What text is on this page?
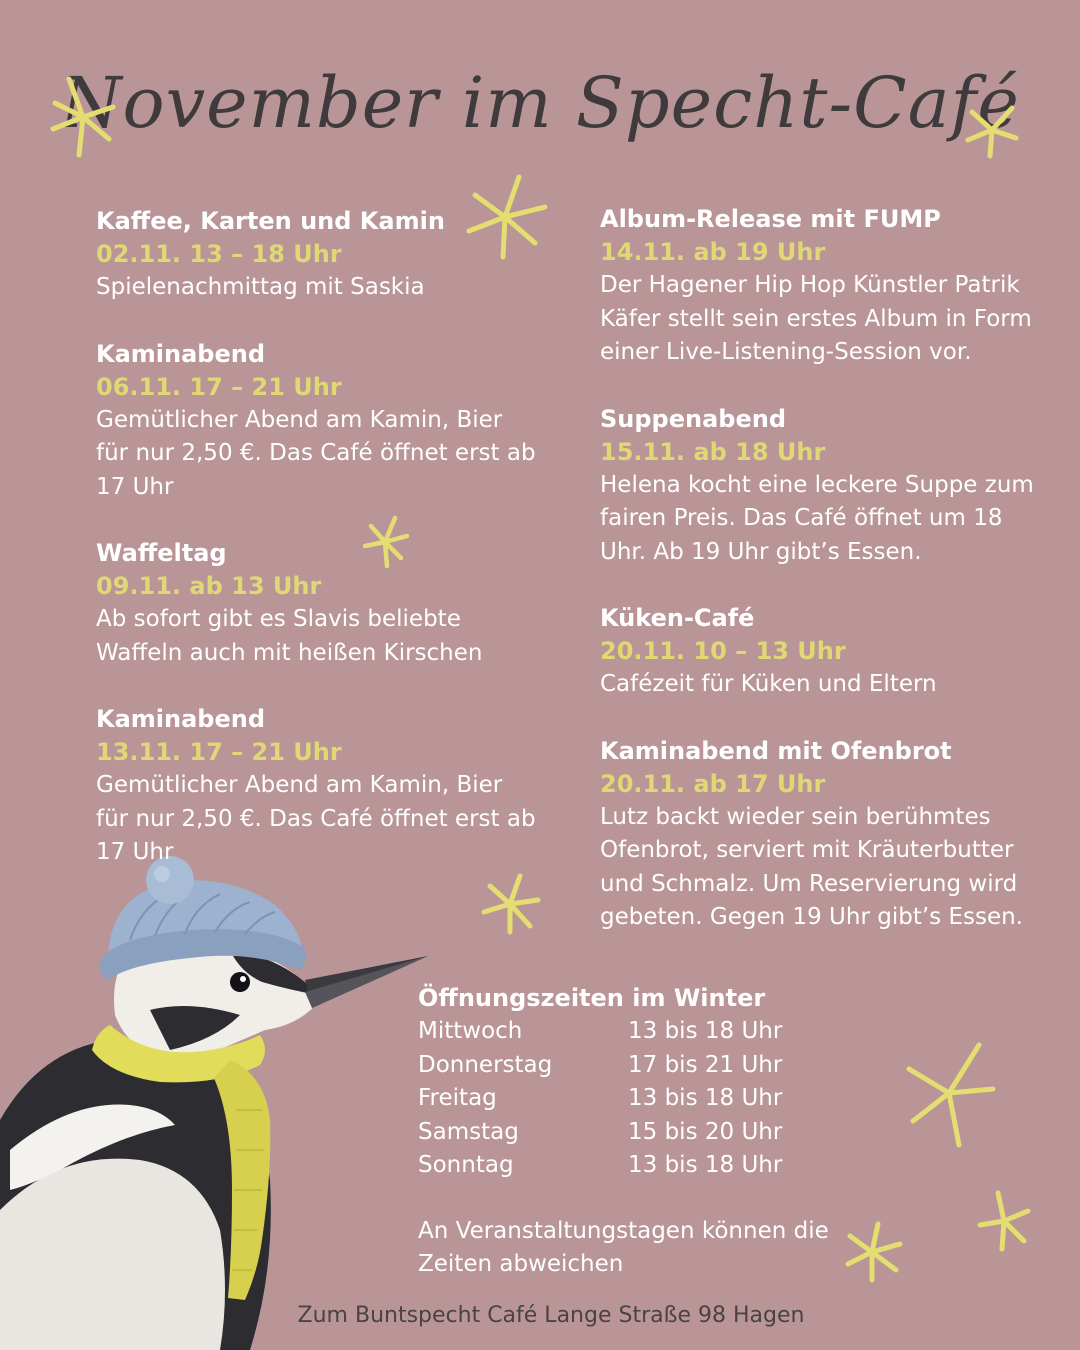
November im Specht-Café
Kaffee, Karten und Kamin
02.11. 13 – 18 Uhr
Spielenachmittag mit Saskia
Kaminabend
06.11. 17 – 21 Uhr
Gemütlicher Abend am Kamin, Bier für nur 2,50 €. Das Café öffnet erst ab 17 Uhr
Waffeltag
09.11. ab 13 Uhr
Ab sofort gibt es Slavis beliebte Waffeln auch mit heißen Kirschen
Kaminabend
13.11. 17 – 21 Uhr
Gemütlicher Abend am Kamin, Bier für nur 2,50 €. Das Café öffnet erst ab 17 Uhr
Album-Release mit FUMP
14.11. ab 19 Uhr
Der Hagener Hip Hop Künstler Patrik Käfer stellt sein erstes Album in Form einer Live-Listening-Session vor.
Suppenabend
15.11. ab 18 Uhr
Helena kocht eine leckere Suppe zum fairen Preis. Das Café öffnet um 18 Uhr. Ab 19 Uhr gibt’s Essen.
Küken-Café
20.11. 10 – 13 Uhr
Cafézeit für Küken und Eltern
Kaminabend mit Ofenbrot
20.11. ab 17 Uhr
Lutz backt wieder sein berühmtes Ofenbrot, serviert mit Kräuterbutter und Schmalz. Um Reservierung wird gebeten. Gegen 19 Uhr gibt’s Essen.
Öffnungszeiten im Winter
Mittwoch	13 bis 18 Uhr
Donnerstag	17 bis 21 Uhr
Freitag	13 bis 18 Uhr
Samstag	15 bis 20 Uhr
Sonntag	13 bis 18 Uhr
An Veranstaltungstagen können die Zeiten abweichen
Zum Buntspecht Café Lange Straße 98 Hagen
